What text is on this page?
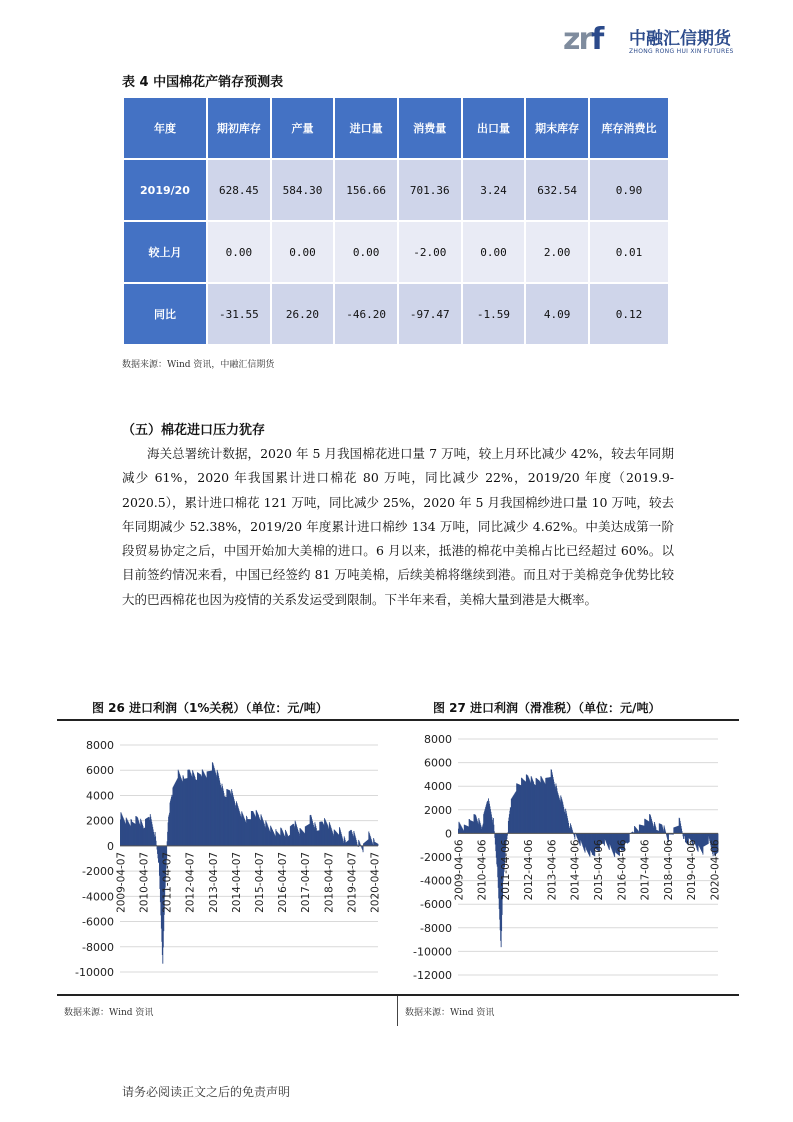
zrf 中融汇信期货
ZHONG RONG HUI XIN FUTURES
表 4 中国棉花产销存预测表
年度	期初库存	产量	进口量	消费量	出口量	期末库存	库存消费比
2019/20	628.45	584.30	156.66	701.36	3.24	632.54	0.90
较上月	0.00	0.00	0.00	-2.00	0.00	2.00	0.01
同比	-31.55	26.20	-46.20	-97.47	-1.59	4.09	0.12
数据来源：Wind 资讯，中融汇信期货
（五）棉花进口压力犹存

海关总署统计数据，2020 年 5 月我国棉花进口量 7 万吨，较上月环比减少 42%，较去年同期减少 61%，2020 年我国累计进口棉花 80 万吨，同比减少 22%，2019/20 年度（2019.9-2020.5），累计进口棉花 121 万吨，同比减少 25%，2020 年 5 月我国棉纱进口量 10 万吨，较去年同期减少 52.38%，2019/20 年度累计进口棉纱 134 万吨，同比减少 4.62%。中美达成第一阶段贸易协定之后，中国开始加大美棉的进口。6 月以来，抵港的棉花中美棉占比已经超过 60%。以目前签约情况来看，中国已经签约 81 万吨美棉，后续美棉将继续到港。而且对于美棉竞争优势比较大的巴西棉花也因为疫情的关系发运受到限制。下半年来看，美棉大量到港是大概率。

图 26 进口利润（1%关税）（单位：元/吨）	图 27 进口利润（滑准税）（单位：元/吨）
8000
6000
4000
2000
0
-2000
-4000
-6000
-8000
-10000
2009-04-07 2010-04-07 2011-04-07 2012-04-07 2013-04-07 2014-04-07 2015-04-07 2016-04-07 2017-04-07 2018-04-07 2019-04-07 2020-04-07
8000
6000
4000
2000
0
-2000
-4000
-6000
-8000
-10000
-12000
2009-04-06 2010-04-06 2011-04-06 2012-04-06 2013-04-06 2014-04-06 2015-04-06 2016-04-06 2017-04-06 2018-04-06 2019-04-06 2020-04-06
数据来源：Wind 资讯	数据来源：Wind 资讯
请务必阅读正文之后的免责声明
